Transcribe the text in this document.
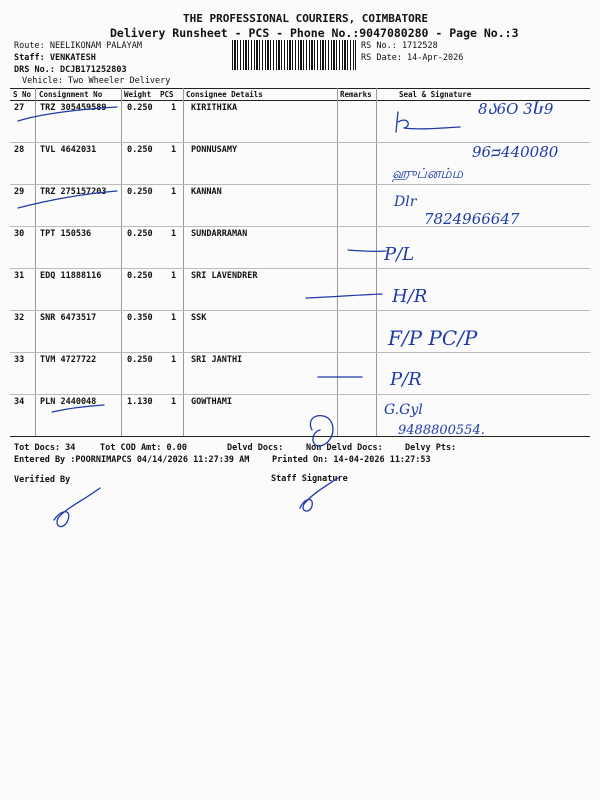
THE PROFESSIONAL COURIERS, COIMBATORE
Delivery Runsheet - PCS - Phone No.:9047080280 - Page No.:3
Route: NEELIKONAM PALAYAM
Staff: VENKATESH
DRS No.: DCJB171252803
Vehicle: Two Wheeler Delivery
RS No.: 1712528
RS Date: 14-Apr-2026
S No Consignment No	Weight PCS Consignee Details	Remarks	Seal & Signature
27 TRZ 305459589 0.250 1 KIRITHIKA
28 TVL 4642031	0.250 1 PONNUSAMY
29 TRZ 275157203 0.250 1 KANNAN
30 TPT 150536	0.250 1 SUNDARRAMAN
31 EDQ 11888116	0.250 1 SRI LAVENDRER
32 SNR 6473517	0.350 1 SSK
33 TVM 4727722	0.250 1 SRI JANTHI
34 PLN 2440048	1.130 1 GOWTHAMI
Tot Docs: 34	Tot COD Amt: 0.00	Delvd Docs:	Non Delvd Docs:	Delvy Pts:
Entered By :POORNIMAPCS 04/14/2026 11:27:39 AM	Printed On: 14-04-2026 11:27:53
Verified By	Staff Signature
8Ა6O 3Ⴑ9
96ᴝ440080
ஹுப்னம்ம
Dlr
7824966647
P/L
H/R
F/P PC/P
P/R
G.Gyl
9488800554.
